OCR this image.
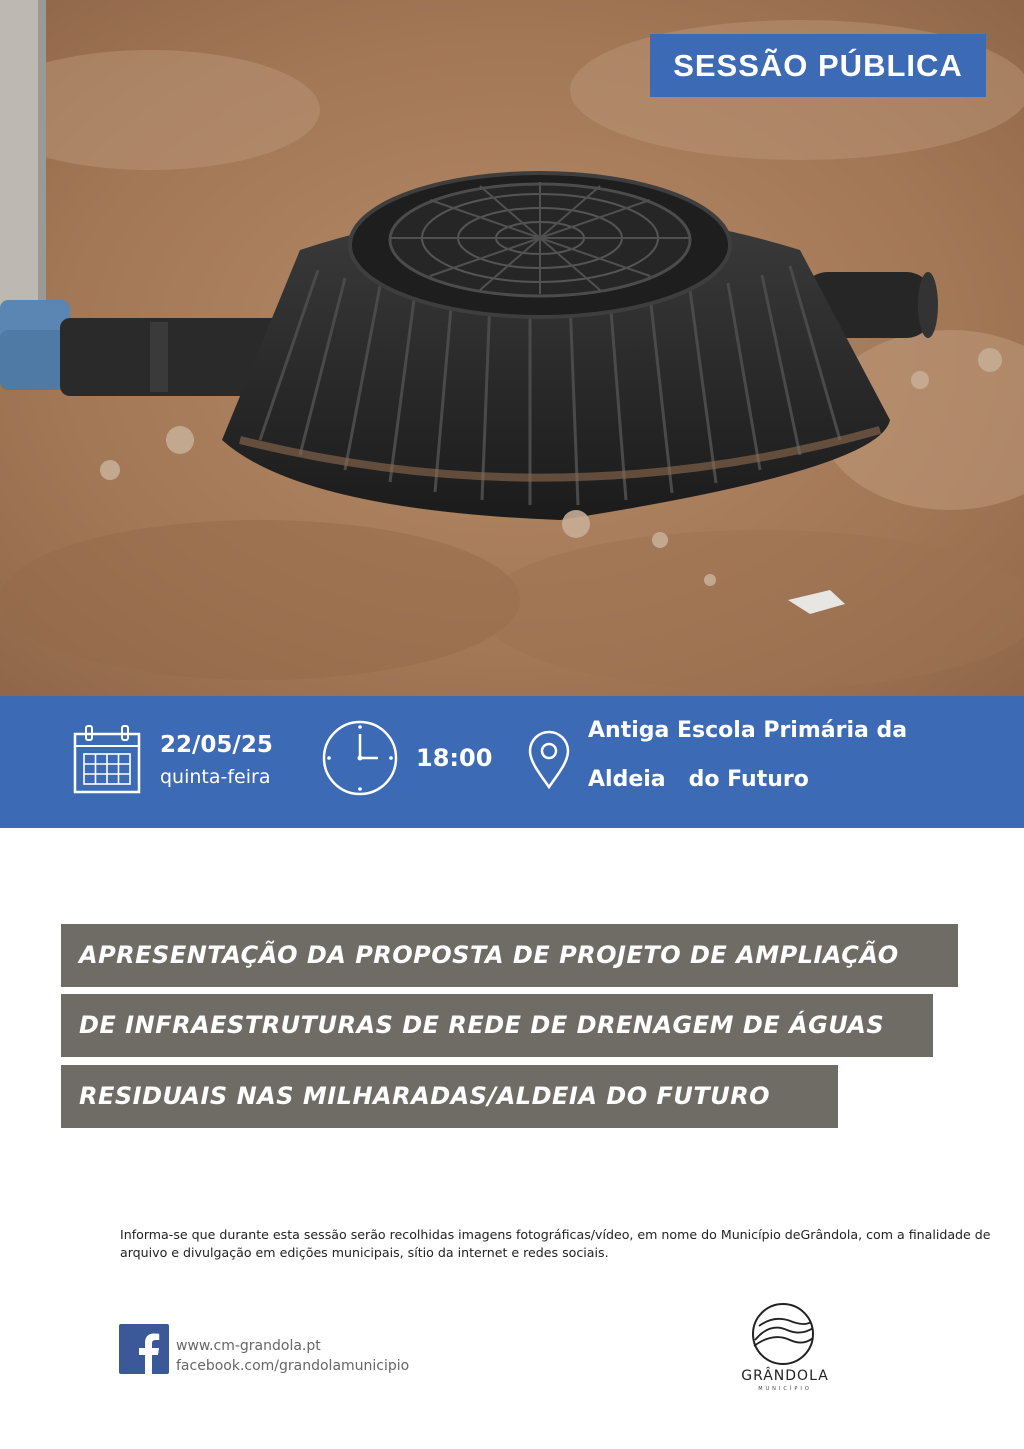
SESSÃO PÚBLICA
22/05/25
quinta-feira
18:00
Antiga Escola Primária da
Aldeia   do Futuro
APRESENTAÇÃO DA PROPOSTA DE PROJETO DE AMPLIAÇÃO
DE INFRAESTRUTURAS DE REDE DE DRENAGEM DE ÁGUAS
RESIDUAIS NAS MILHARADAS/ALDEIA DO FUTURO
Informa-se que durante esta sessão serão recolhidas imagens fotográficas/vídeo, em nome do Município deGrândola, com a finalidade de arquivo e divulgação em edições municipais, sítio da internet e redes sociais.
www.cm-grandola.pt
facebook.com/grandolamunicipio
GRÂNDOLA
MUNICÍPIO
